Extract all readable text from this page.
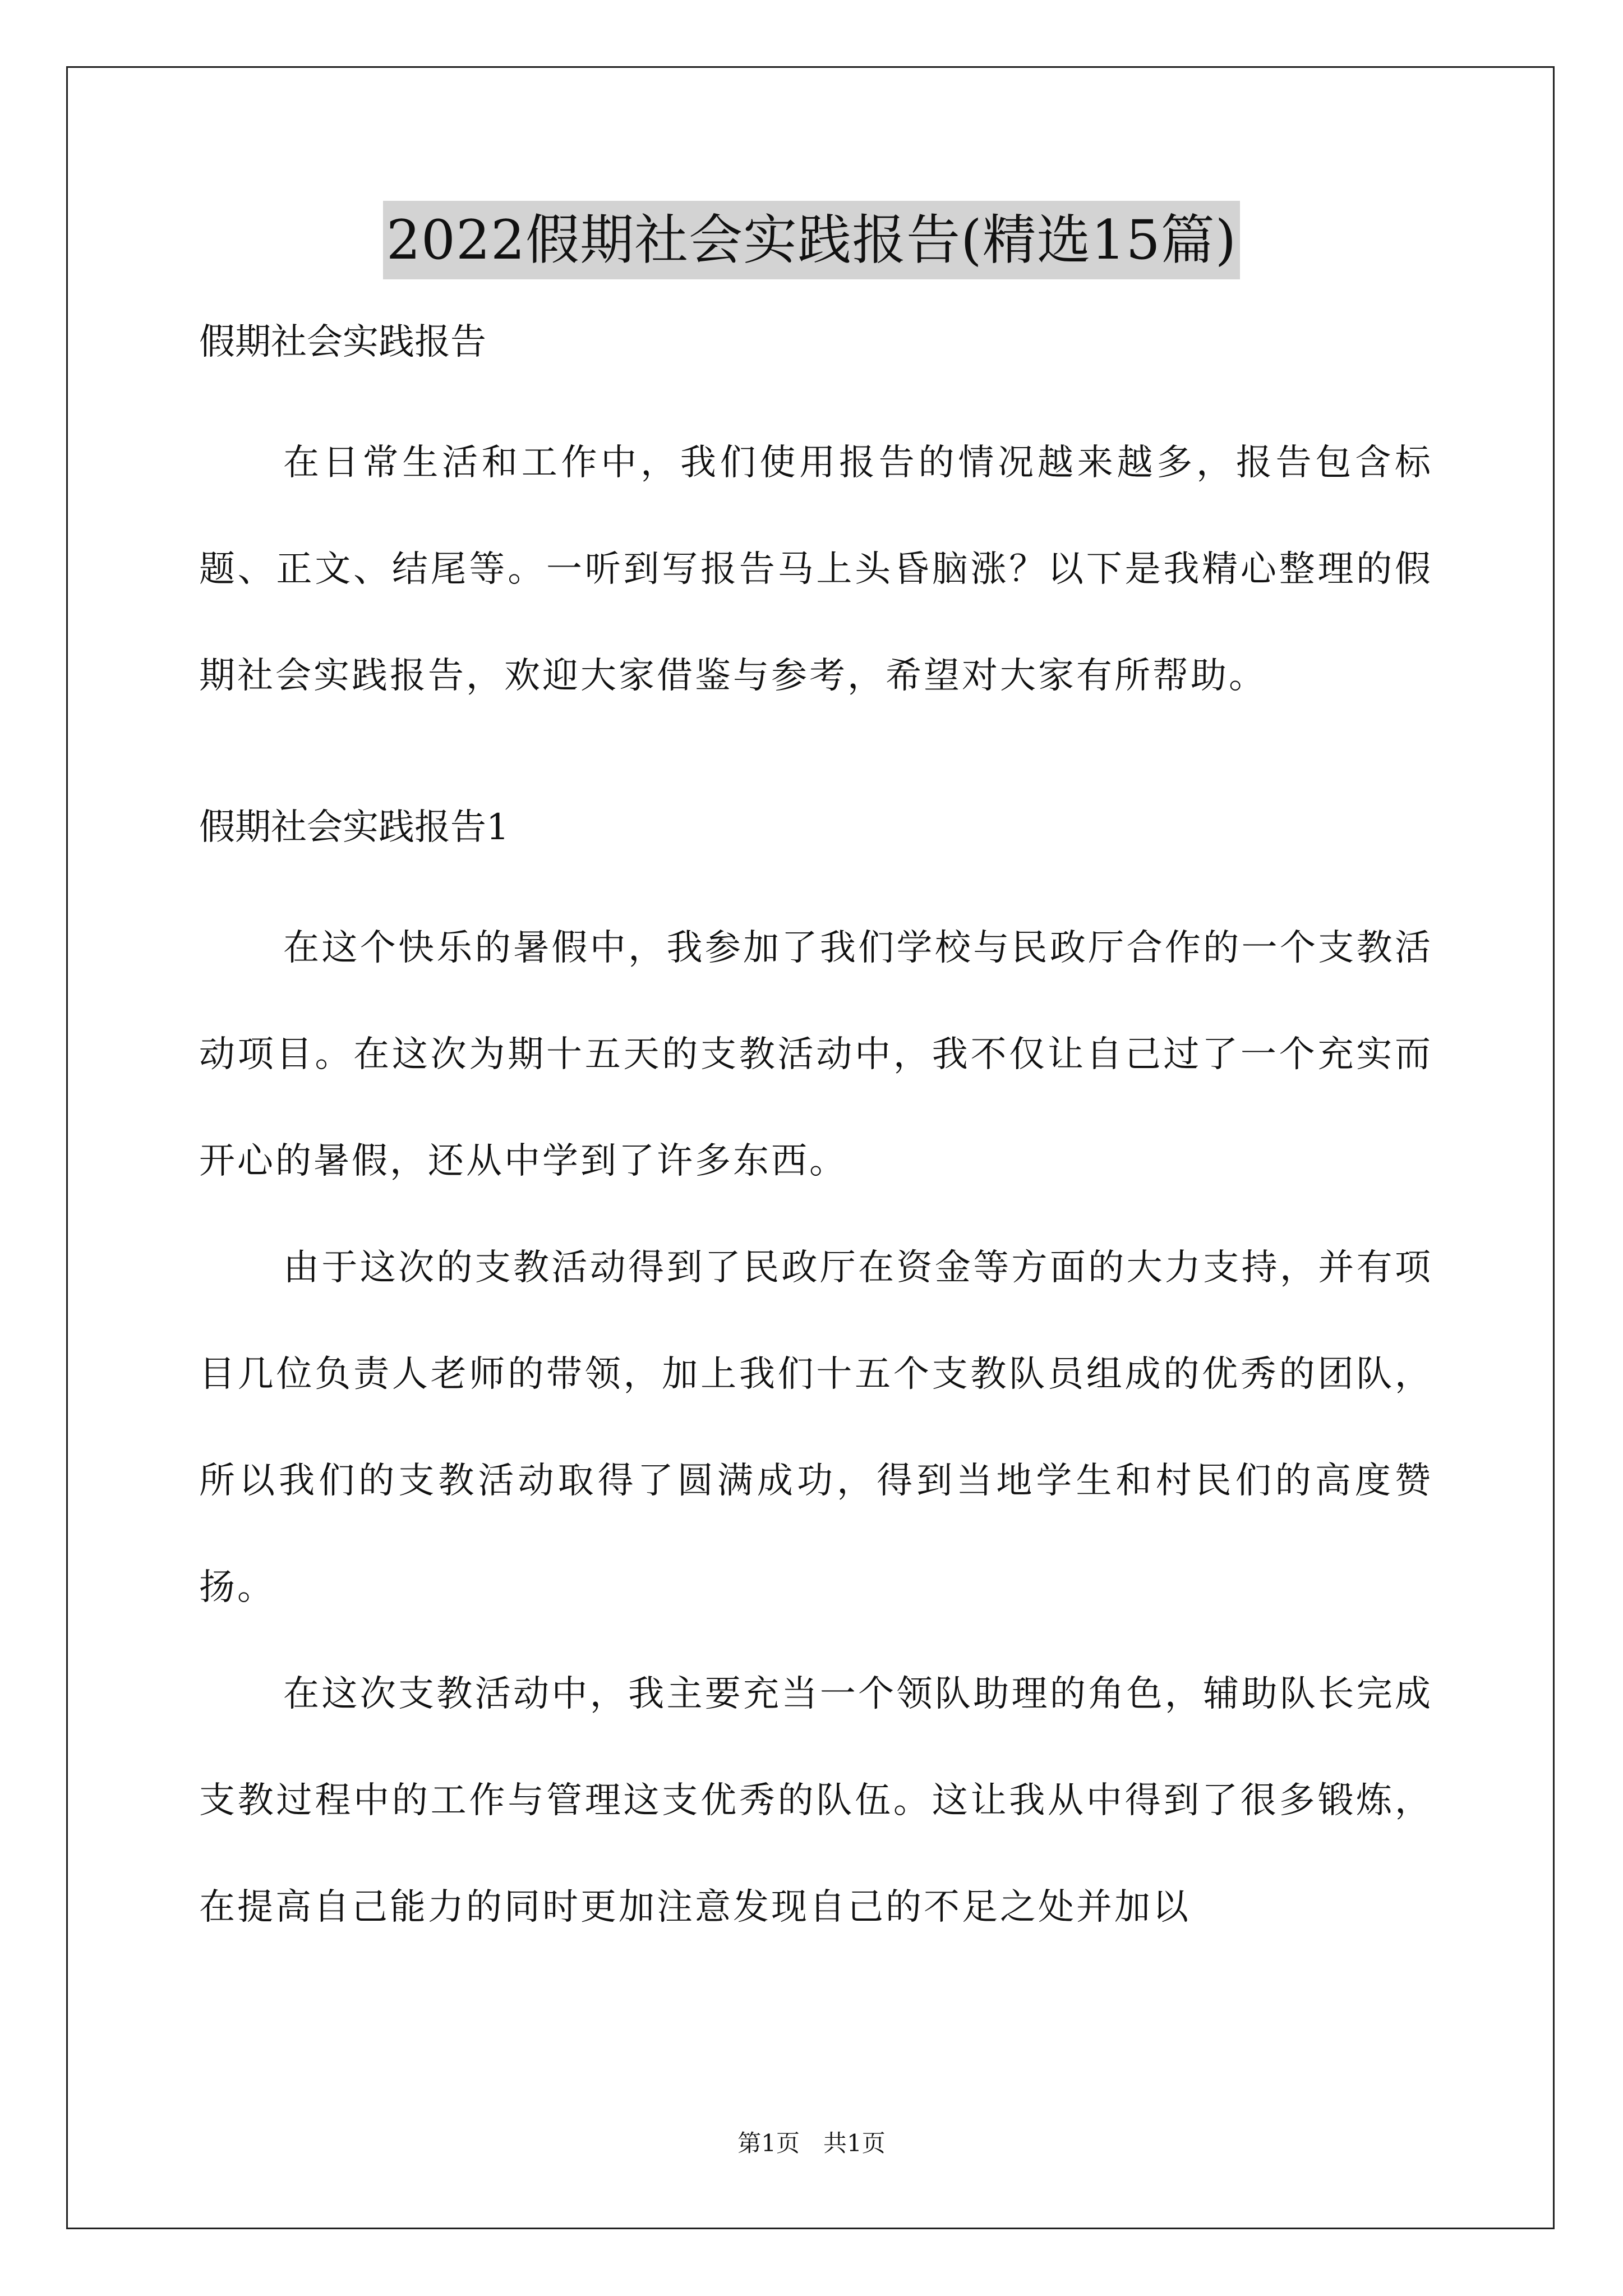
2022假期社会实践报告(精选15篇)
假期社会实践报告
在日常生活和工作中，我们使用报告的情况越来越多，报告包含标题、正文、结尾等。一听到写报告马上头昏脑涨？以下是我精心整理的假期社会实践报告，欢迎大家借鉴与参考，希望对大家有所帮助。
假期社会实践报告1
在这个快乐的暑假中，我参加了我们学校与民政厅合作的一个支教活动项目。在这次为期十五天的支教活动中，我不仅让自己过了一个充实而开心的暑假，还从中学到了许多东西。
由于这次的支教活动得到了民政厅在资金等方面的大力支持，并有项目几位负责人老师的带领，加上我们十五个支教队员组成的优秀的团队，所以我们的支教活动取得了圆满成功，得到当地学生和村民们的高度赞扬。
在这次支教活动中，我主要充当一个领队助理的角色，辅助队长完成支教过程中的工作与管理这支优秀的队伍。这让我从中得到了很多锻炼，在提高自己能力的同时更加注意发现自己的不足之处并加以
第1页　共1页
